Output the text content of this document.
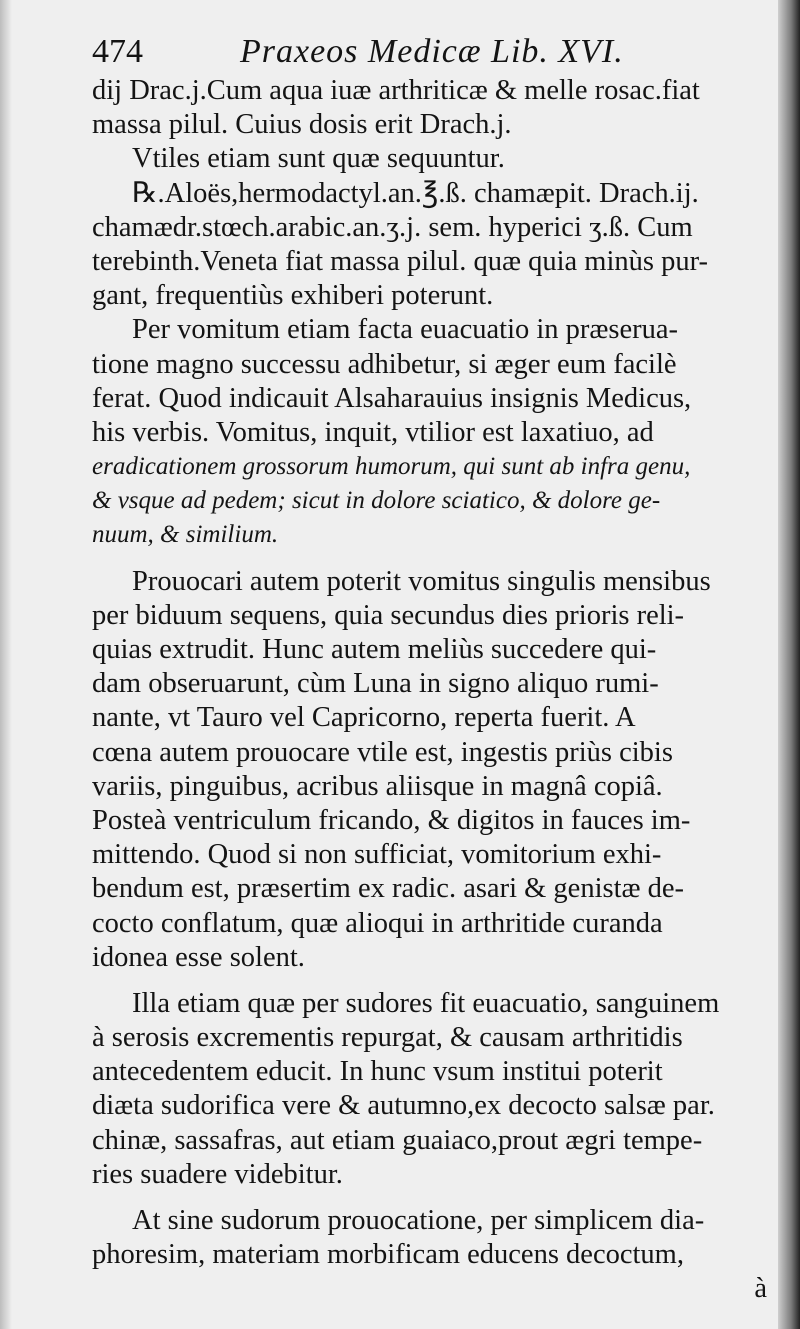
474	Praxeos Medicæ Lib. XVI.
dij Drac.j.Cum aqua iuæ arthriticæ & melle rosac.fiat
massa pilul. Cuius dosis erit Drach.j.
Vtiles etiam sunt quæ sequuntur.
℞.Aloës,hermodactyl.an.℥.ß. chamæpit. Drach.ij.
chamædr.stœch.arabic.an.ʒ.j. sem. hyperici ʒ.ß. Cum
terebinth.Veneta fiat massa pilul. quæ quia minùs pur-
gant, frequentiùs exhiberi poterunt.
Per vomitum etiam facta euacuatio in præserua-
tione magno successu adhibetur, si æger eum facilè
ferat. Quod indicauit Alsaharauius insignis Medicus,
his verbis. Vomitus, inquit, vtilior est laxatiuo, ad
eradicationem grossorum humorum, qui sunt ab infra genu,
& vsque ad pedem; sicut in dolore sciatico, & dolore ge-
nuum, & similium.
Prouocari autem poterit vomitus singulis mensibus
per biduum sequens, quia secundus dies prioris reli-
quias extrudit. Hunc autem meliùs succedere qui-
dam obseruarunt, cùm Luna in signo aliquo rumi-
nante, vt Tauro vel Capricorno, reperta fuerit. A
cœna autem prouocare vtile est, ingestis priùs cibis
variis, pinguibus, acribus aliisque in magnâ copiâ.
Posteà ventriculum fricando, & digitos in fauces im-
mittendo. Quod si non sufficiat, vomitorium exhi-
bendum est, præsertim ex radic. asari & genistæ de-
cocto conflatum, quæ alioqui in arthritide curanda
idonea esse solent.
Illa etiam quæ per sudores fit euacuatio, sanguinem
à serosis excrementis repurgat, & causam arthritidis
antecedentem educit. In hunc vsum institui poterit
diæta sudorifica vere & autumno,ex decocto salsæ par.
chinæ, sassafras, aut etiam guaiaco,prout ægri tempe-
ries suadere videbitur.
At sine sudorum prouocatione, per simplicem dia-
phoresim, materiam morbificam educens decoctum,
à
